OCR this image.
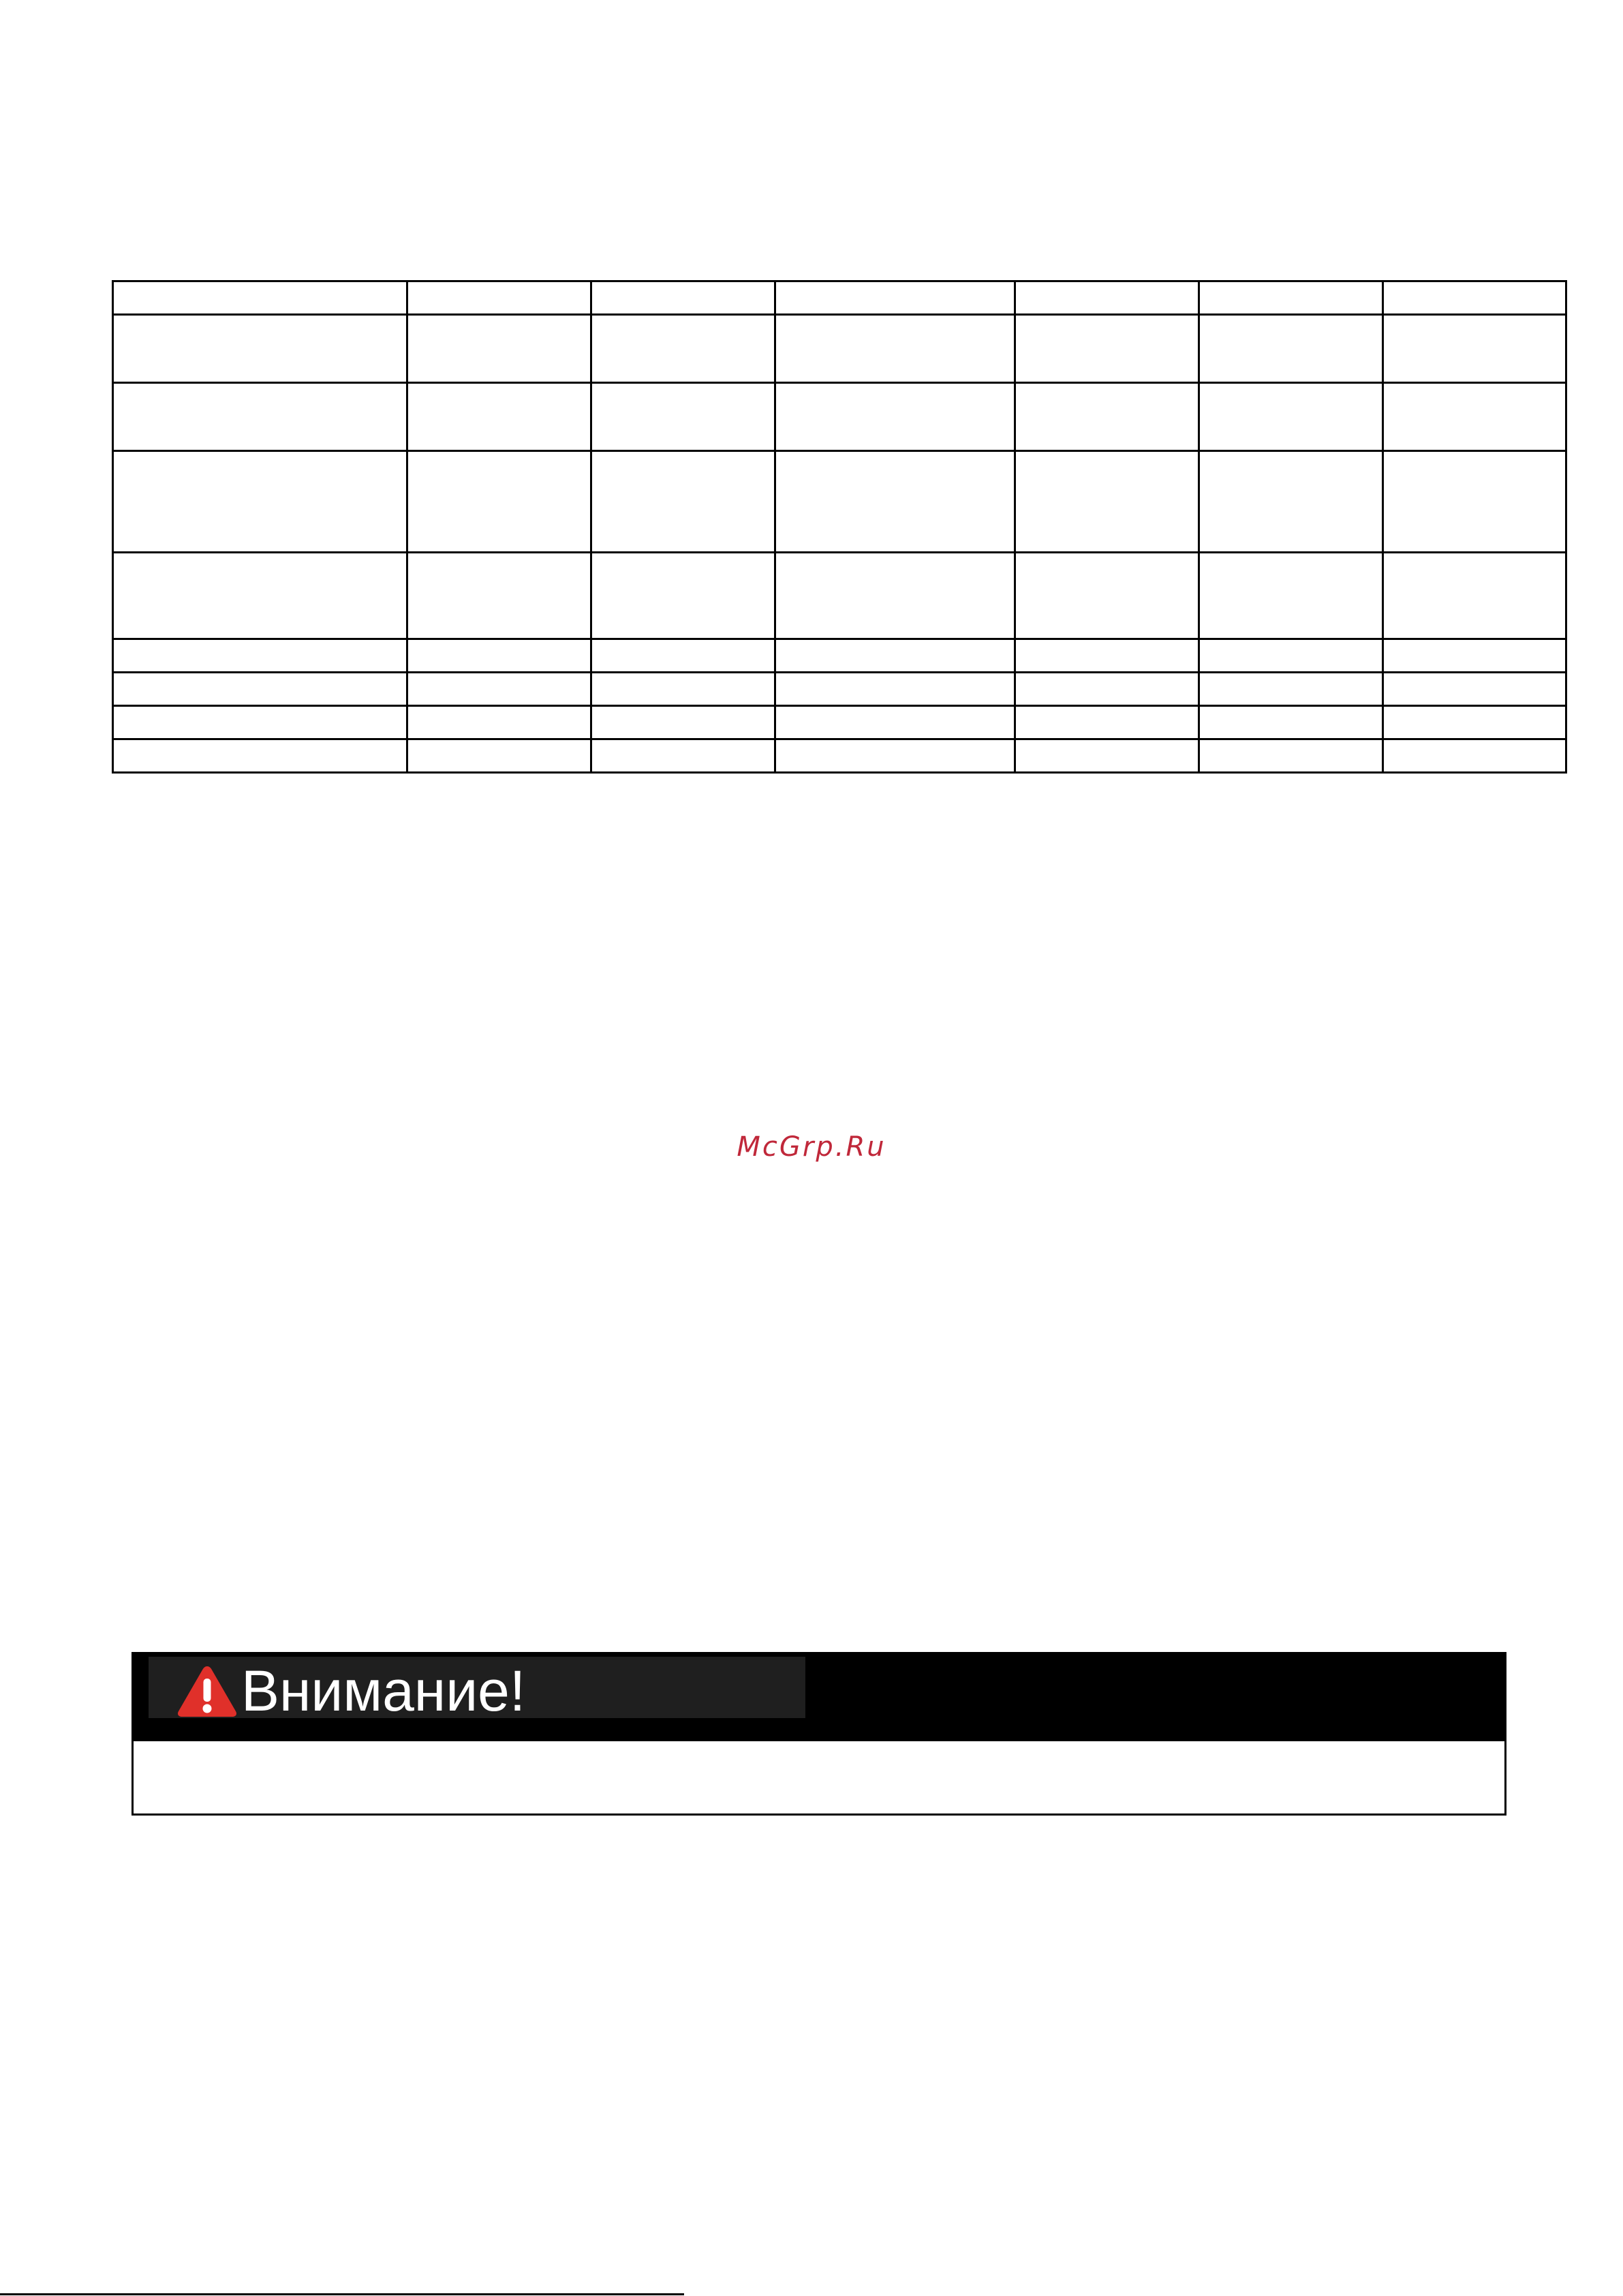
McGrp.Ru
Внимание!
